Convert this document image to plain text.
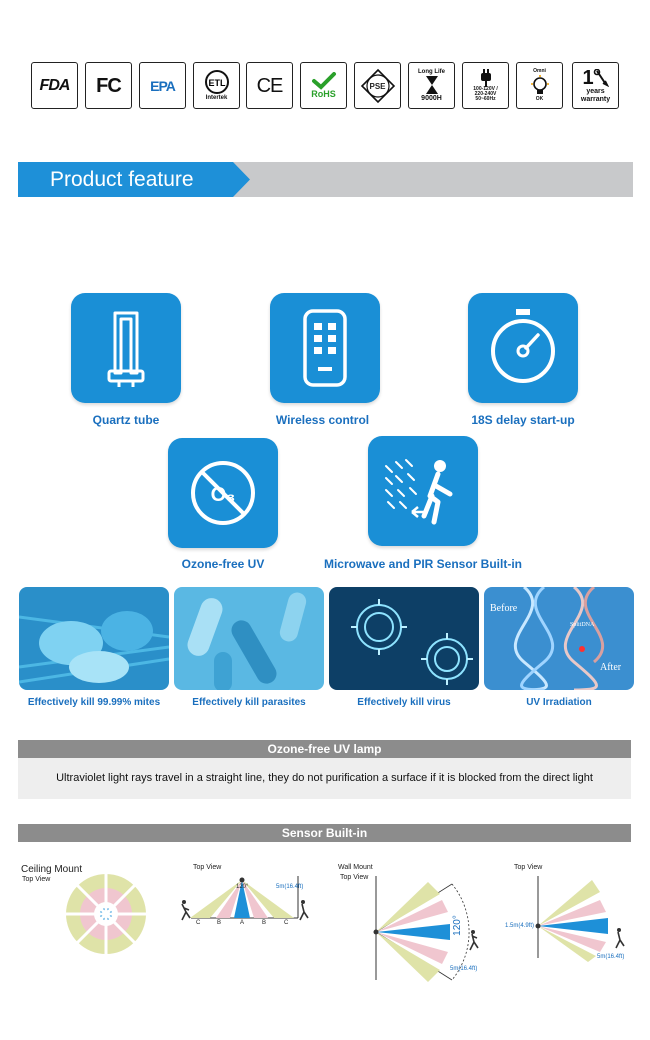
FDA FC EPA	ETL
Intertek
CE	RoHS
PSE
Long Life
9000H
100-120V /
220-240V
50~60Hz
Omni
OK
1
years
warranty
Product feature
Quartz tube	Wireless control	18S delay start-up
O₃
Ozone-free UV	Microwave and PIR Sensor Built-in
Effectively kill 99.99% mites	Effectively kill parasites	Effectively kill virus
Before
SplitDNA
After
UV Irradiation
Ozone-free UV lamp
Ultraviolet light rays travel in a straight line, they do not purification a surface if it is blocked from the direct light
Sensor Built-in
Ceiling Mount
Top View
Top View
120°	5m(16.4ft)
C	B	A	B	C
Wall Mount
Top View
120°
5m(16.4ft)
Top View
1.5m(4.9ft)
5m(16.4ft)
